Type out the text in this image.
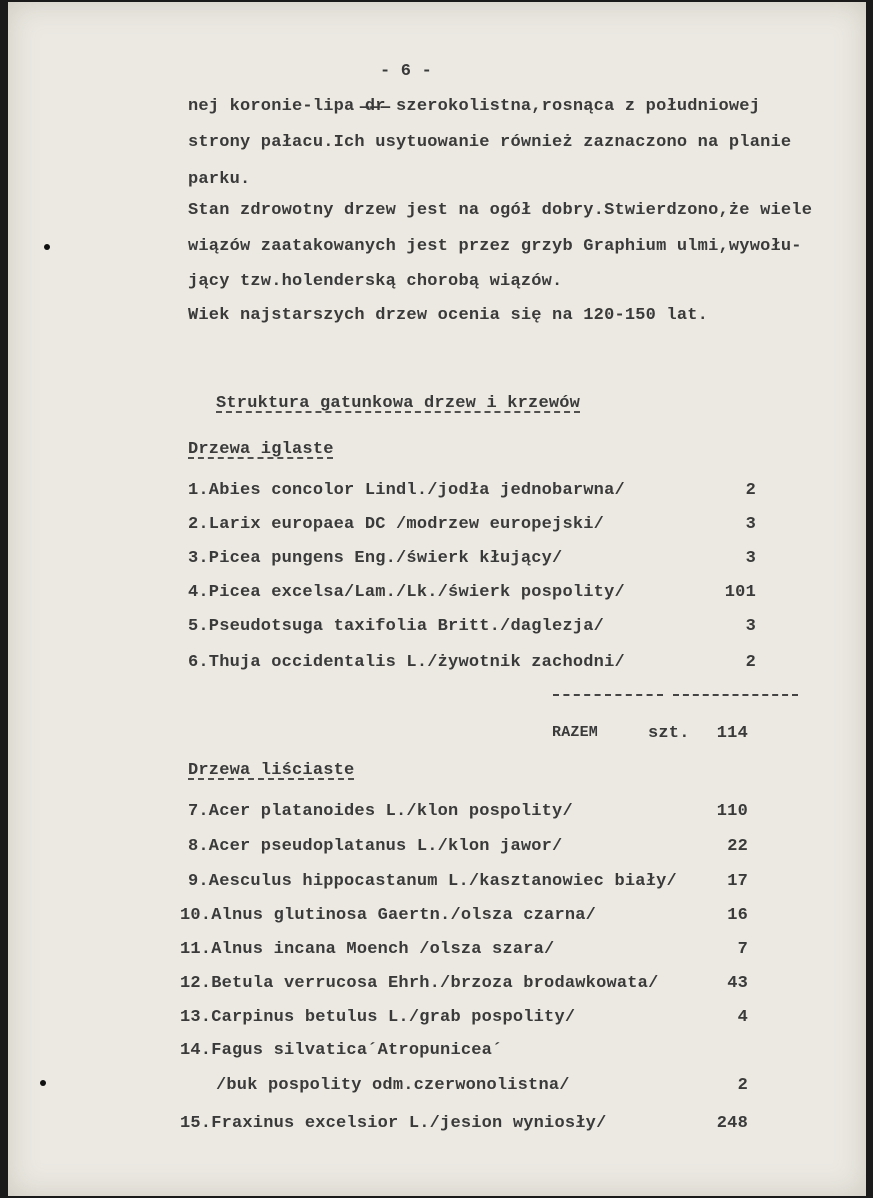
- 6 -
nej koronie-lipa ̶d̶r̶ szerokolistna,rosnąca z południowej
strony pałacu.Ich usytuowanie również zaznaczono na planie
parku.
Stan zdrowotny drzew jest na ogół dobry.Stwierdzono,że wiele
wiązów zaatakowanych jest przez grzyb Graphium ulmi,wywołu-
jący tzw.holenderską chorobą wiązów.
Wiek najstarszych drzew ocenia się na 120-150 lat.
Struktura gatunkowa drzew i krzewów
Drzewa iglaste
1.Abies concolor Lindl./jodła jednobarwna/	2
2.Larix europaea DC /modrzew europejski/	3
3.Picea pungens Eng./świerk kłujący/	3
4.Picea excelsa/Lam./Lk./świerk pospolity/	101
5.Pseudotsuga taxifolia Britt./daglezja/	3
6.Thuja occidentalis L./żywotnik zachodni/	2
RAZEM	szt.	114
Drzewa liściaste
7.Acer platanoides L./klon pospolity/	110
8.Acer pseudoplatanus L./klon jawor/	22
9.Aesculus hippocastanum L./kasztanowiec biały/	17
10.Alnus glutinosa Gaertn./olsza czarna/	16
11.Alnus incana Moench /olsza szara/	7
12.Betula verrucosa Ehrh./brzoza brodawkowata/	43
13.Carpinus betulus L./grab pospolity/	4
14.Fagus silvatica´Atropunicea´
/buk pospolity odm.czerwonolistna/	2
15.Fraxinus excelsior L./jesion wyniosły/	248
